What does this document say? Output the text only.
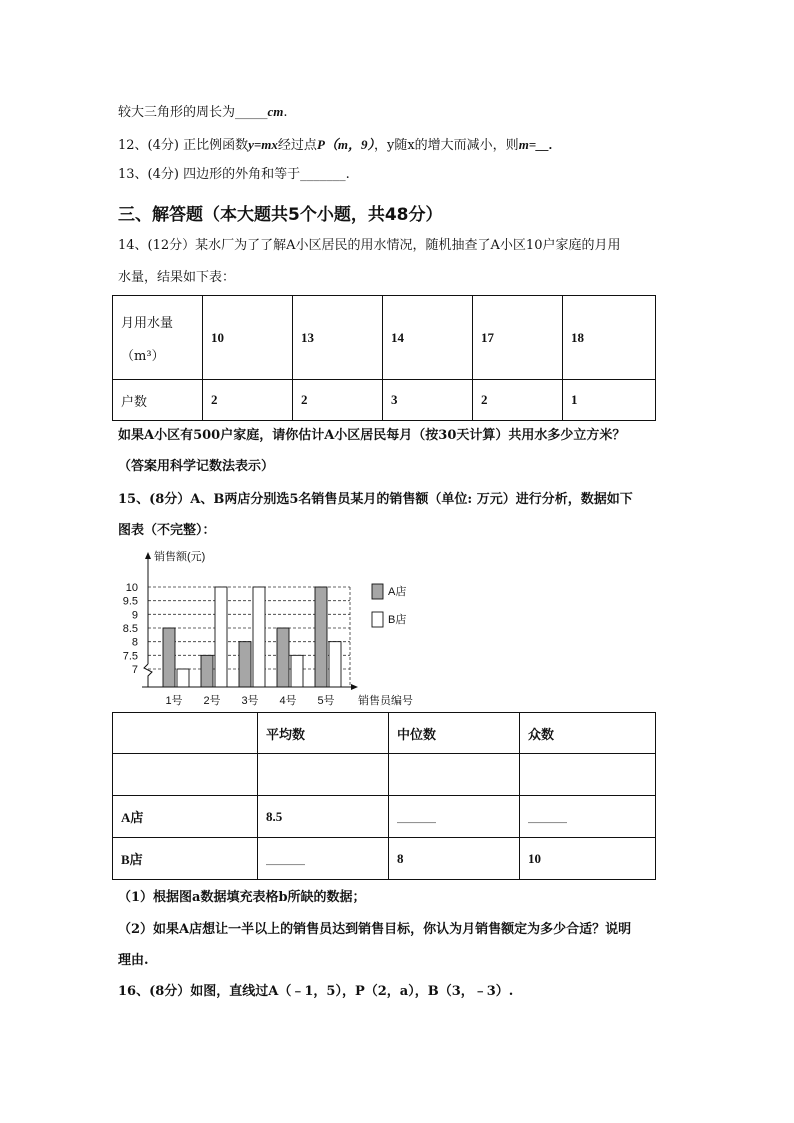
较大三角形的周长为_____cm.
12、(4分) 正比例函数y=mx经过点P（m，9），y随x的增大而减小，则m=__.
13、(4分) 四边形的外角和等于_______.
三、解答题（本大题共5个小题，共48分）
14、(12分）某水厂为了了解A小区居民的用水情况，随机抽查了A小区10户家庭的月用
水量，结果如下表：
月用水量
（m³）	10	13	14	17	18
户数	2	2	3	2	1
如果A小区有500户家庭，请你估计A小区居民每月（按30天计算）共用水多少立方米？
（答案用科学记数法表示）
15、(8分）A、B两店分别选5名销售员某月的销售额（单位: 万元）进行分析，数据如下
图表（不完整）：
7
7.5
8
8.5
9
9.5
10
销售额(元)
销售员编号
1号 2号 3号 4号 5号
A店
B店
	平均数	中位数	众数

A店	8.5	______	______
B店	______	8	10
（1）根据图a数据填充表格b所缺的数据；
（2）如果A店想让一半以上的销售员达到销售目标，你认为月销售额定为多少合适？说明
理由.
16、(8分）如图，直线过A（﹣1，5），P（2，a），B（3，﹣3）.
